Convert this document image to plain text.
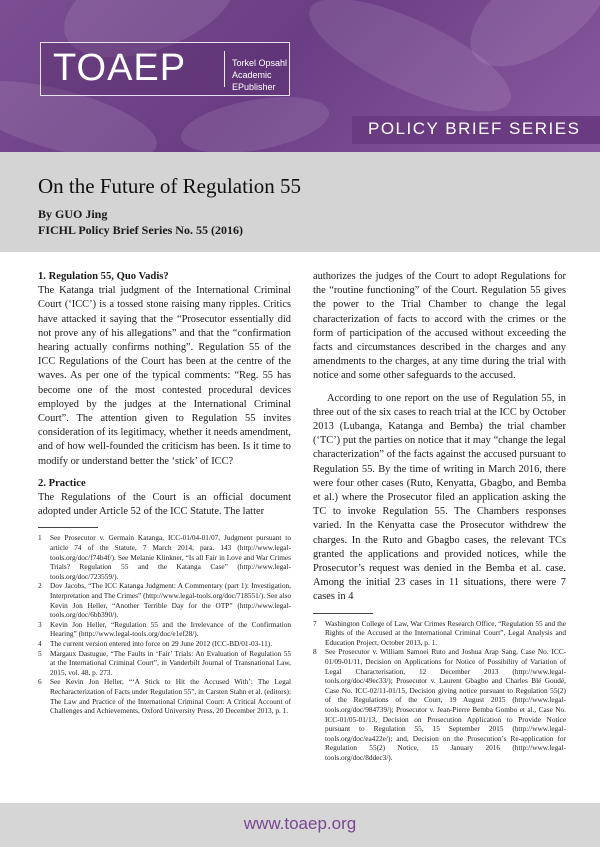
TOAEP	Torkel Opsahl
Academic EPublisher
POLICY BRIEF SERIES
On the Future of Regulation 55
By GUO Jing
FICHL Policy Brief Series No. 55 (2016)

1. Regulation 55, Quo Vadis?

The Katanga trial judgment of the International Criminal Court (‘ICC’) is a tossed stone raising many ripples. Critics have attacked it saying that the “Prosecutor essentially did not prove any of his allegations” and that the “confirmation hearing actually confirms nothing”. Regulation 55 of the ICC Regulations of the Court has been at the centre of the waves. As per one of the typical comments: “Reg. 55 has become one of the most contested procedural devices employed by the judges at the International Criminal Court”. The attention given to Regulation 55 invites consideration of its legitimacy, whether it needs amendment, and of how well-founded the criticism has been. Is it time to modify or understand better the ‘stick’ of ICC?

2. Practice

The Regulations of the Court is an official document adopted under Article 52 of the ICC Statute. The latter

1 See Prosecutor v. Germain Katanga, ICC-01/04-01/07, Judgment pursuant to article 74 of the Statute, 7 March 2014, para. 143 (http://www.legal-tools.org/doc/f74b4f/). See Melanie Klinkner, “Is all Fair in Love and War Crimes Trials? Regulation 55 and the Katanga Case” (http://www.legal-tools.org/doc/723559/).

2 Dov Jacobs, “The ICC Katanga Judgment: A Commentary (part 1): Investigation, Interpretation and The Crimes” (http://www.legal-tools.org/doc/718551/). See also Kevin Jon Heller, “Another Terrible Day for the OTP” (http://www.legal-tools.org/doc/6bb390/).

3 Kevin Jon Heller, “Regulation 55 and the Irrelevance of the Confirmation Hearing” (http://www.legal-tools.org/doc/e1ef28/).

4 The current version entered into force on 29 June 2012 (ICC-BD/01-03-11).

5 Margaux Dastugue, “The Faults in ‘Fair’ Trials: An Evaluation of Regulation 55 at the International Criminal Court”, in Vanderbilt Journal of Transnational Law, 2015, vol. 48, p. 273.

6 See Kevin Jon Heller, “‘A Stick to Hit the Accused With’: The Legal Recharacterization of Facts under Regulation 55”, in Carsten Stahn et al. (editors): The Law and Practice of the International Criminal Court: A Critical Account of Challenges and Achievements, Oxford University Press, 20 December 2013, p. 1.

authorizes the judges of the Court to adopt Regulations for the “routine functioning” of the Court. Regulation 55 gives the power to the Trial Chamber to change the legal characterization of facts to accord with the crimes or the form of participation of the accused without exceeding the facts and circumstances described in the charges and any amendments to the charges, at any time during the trial with notice and some other safeguards to the accused.

According to one report on the use of Regulation 55, in three out of the six cases to reach trial at the ICC by October 2013 (Lubanga, Katanga and Bemba) the trial chamber (‘TC’) put the parties on notice that it may “change the legal characterization” of the facts against the accused pursuant to Regulation 55. By the time of writing in March 2016, there were four other cases (Ruto, Kenyatta, Gbagbo, and Bemba et al.) where the Prosecutor filed an application asking the TC to invoke Regulation 55. The Chambers responses varied. In the Kenyatta case the Prosecutor withdrew the charges. In the Ruto and Gbagbo cases, the relevant TCs granted the applications and provided notices, while the Prosecutor’s request was denied in the Bemba et al. case. Among the initial 23 cases in 11 situations, there were 7 cases in 4

7 Washington College of Law, War Crimes Research Office, “Regulation 55 and the Rights of the Accused at the International Criminal Court”, Legal Analysis and Education Project, October 2013, p. 1.

8 See Prosecutor v. William Samoei Ruto and Joshua Arap Sang, Case No. ICC-01/09-01/11, Decision on Applications for Notice of Possibility of Variation of Legal Characterisation, 12 December 2013 (http://www.legal-tools.org/doc/49ec33/); Prosecutor v. Laurent Gbagbo and Charles Blé Goudé, Case No. ICC-02/11-01/15, Decision giving notice pursuant to Regulation 55(2) of the Regulations of the Court, 19 August 2015 (http://www.legal-tools.org/doc/984739/); Prosecutor v. Jean-Pierre Bemba Gombo et al., Case No. ICC-01/05-01/13, Decision on Prosecution Application to Provide Notice pursuant to Regulation 55, 15 September 2015 (http://www.legal-tools.org/doc/ea422e/); and, Decision on the Prosecution’s Re-application for Regulation 55(2) Notice, 15 January 2016 (http://www.legal-tools.org/doc/8ddec3/).

www.toaep.org
